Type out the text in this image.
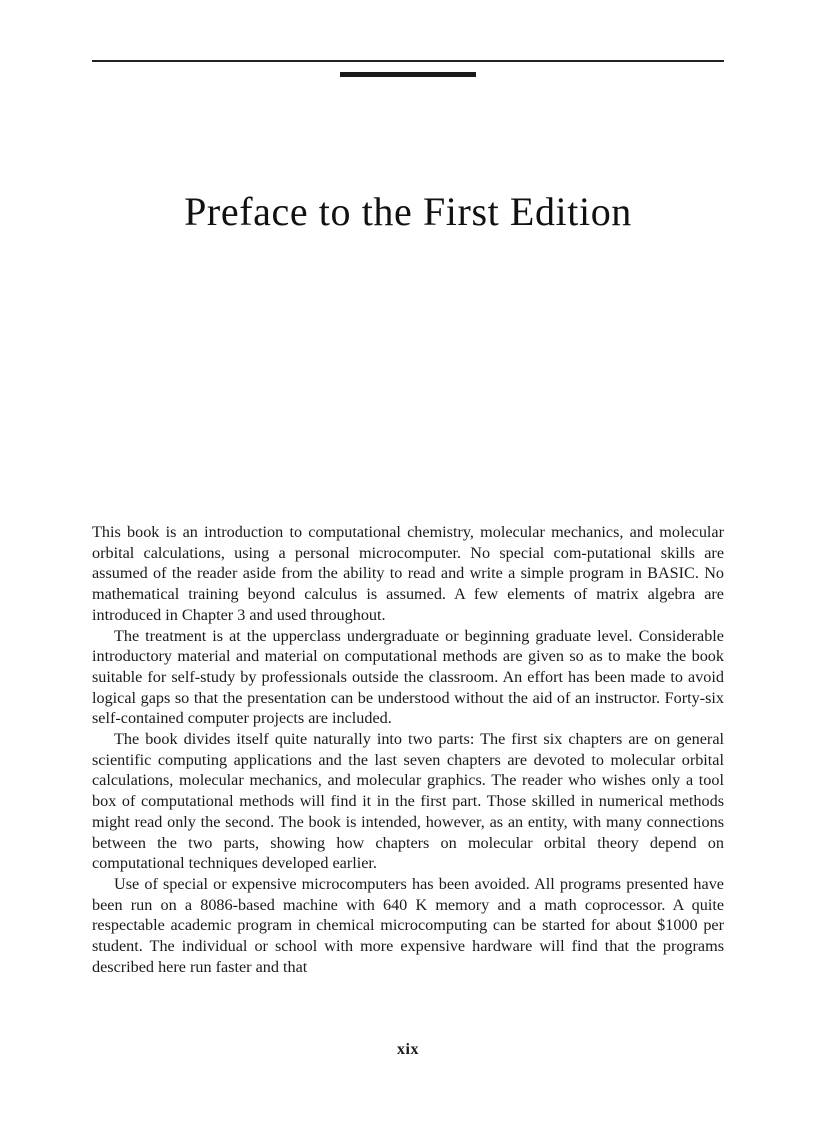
Preface to the First Edition

This book is an introduction to computational chemistry, molecular mechanics, and molecular orbital calculations, using a personal microcomputer. No special com-putational skills are assumed of the reader aside from the ability to read and write a simple program in BASIC. No mathematical training beyond calculus is assumed. A few elements of matrix algebra are introduced in Chapter 3 and used throughout.

The treatment is at the upperclass undergraduate or beginning graduate level. Considerable introductory material and material on computational methods are given so as to make the book suitable for self-study by professionals outside the classroom. An effort has been made to avoid logical gaps so that the presentation can be understood without the aid of an instructor. Forty-six self-contained computer projects are included.

The book divides itself quite naturally into two parts: The first six chapters are on general scientific computing applications and the last seven chapters are devoted to molecular orbital calculations, molecular mechanics, and molecular graphics. The reader who wishes only a tool box of computational methods will find it in the first part. Those skilled in numerical methods might read only the second. The book is intended, however, as an entity, with many connections between the two parts, showing how chapters on molecular orbital theory depend on computational techniques developed earlier.

Use of special or expensive microcomputers has been avoided. All programs presented have been run on a 8086-based machine with 640 K memory and a math coprocessor. A quite respectable academic program in chemical microcomputing can be started for about $1000 per student. The individual or school with more expensive hardware will find that the programs described here run faster and that

xix
